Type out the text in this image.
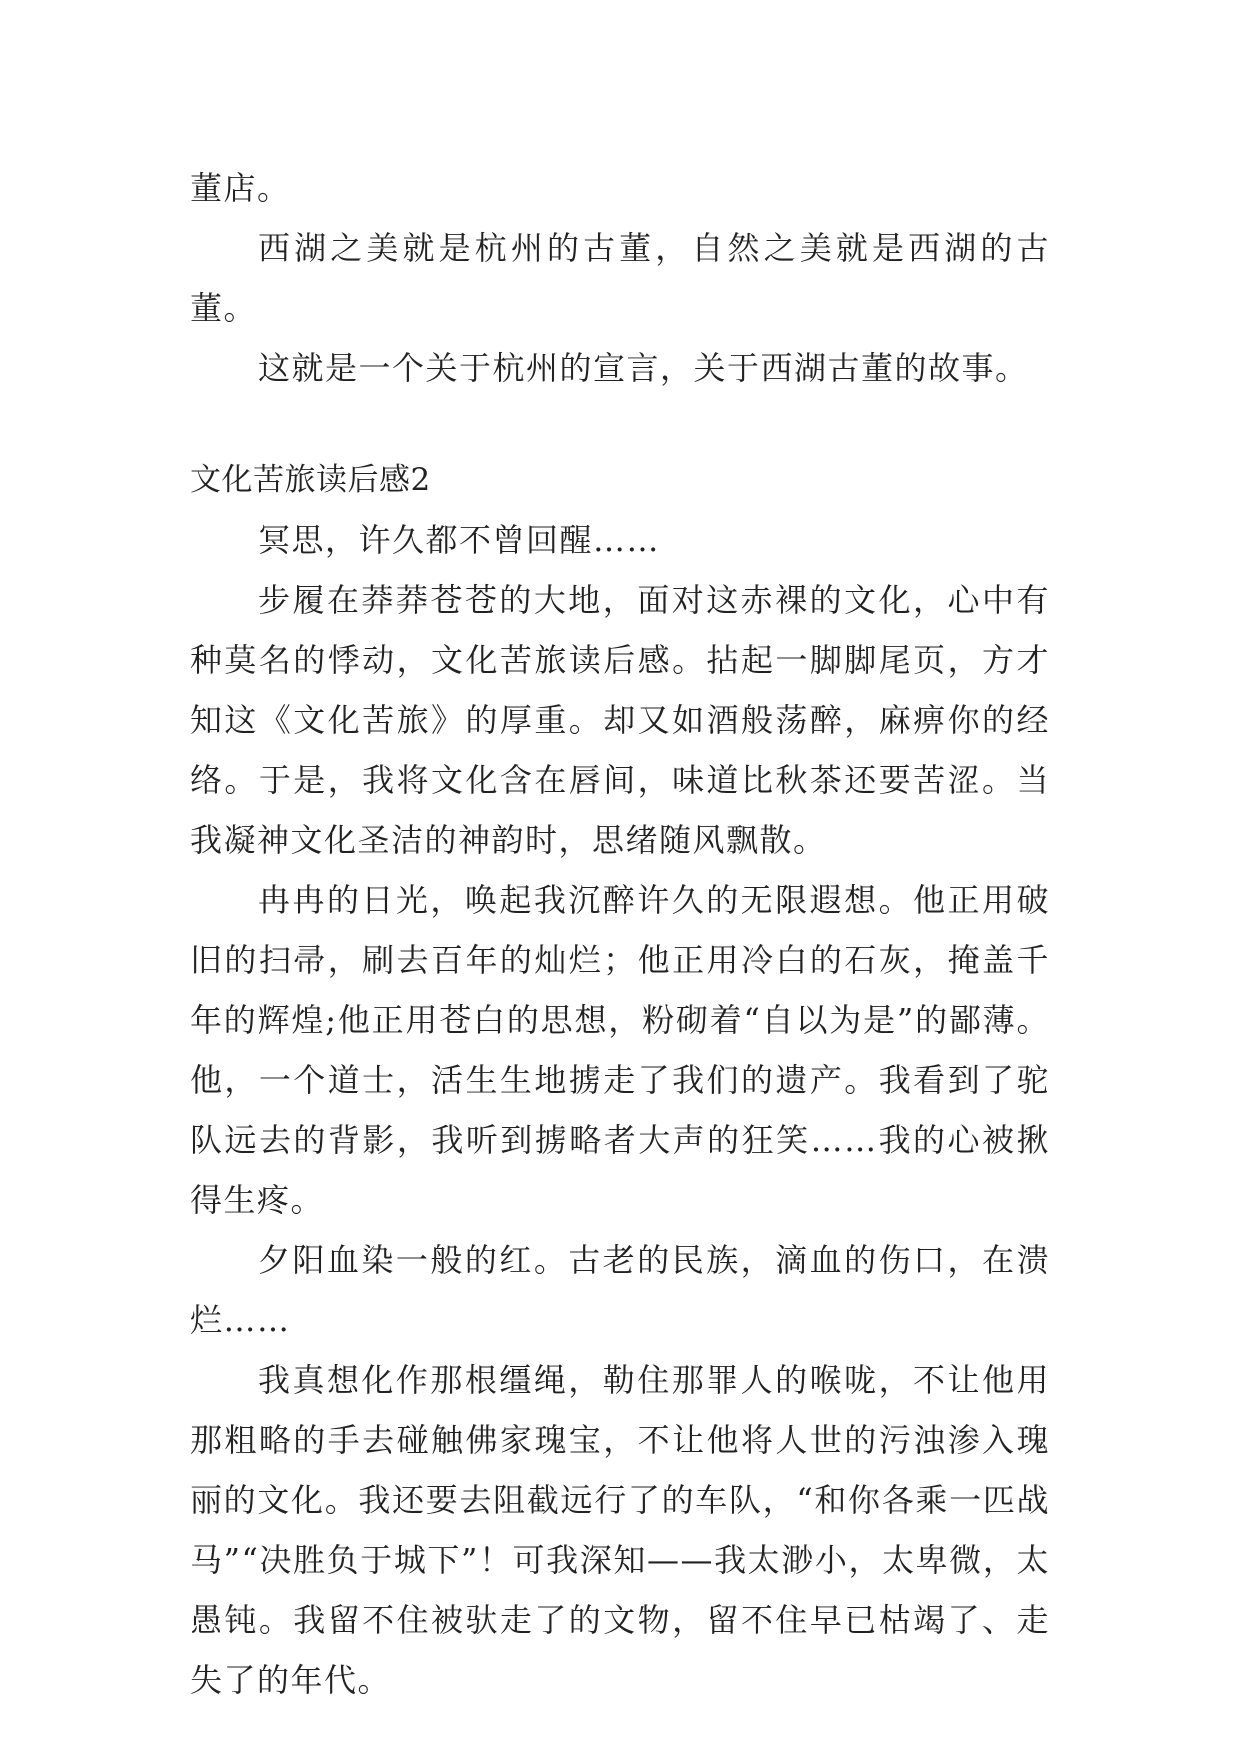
董店。

西湖之美就是杭州的古董，自然之美就是西湖的古董。

这就是一个关于杭州的宣言，关于西湖古董的故事。

文化苦旅读后感2

冥思，许久都不曾回醒……

步履在莽莽苍苍的大地，面对这赤裸的文化，心中有种莫名的悸动，文化苦旅读后感。拈起一脚脚尾页，方才知这《文化苦旅》的厚重。却又如酒般荡醉，麻痹你的经络。于是，我将文化含在唇间，味道比秋茶还要苦涩。当我凝神文化圣洁的神韵时，思绪随风飘散。

冉冉的日光，唤起我沉醉许久的无限遐想。他正用破旧的扫帚，刷去百年的灿烂；他正用冷白的石灰，掩盖千年的辉煌;他正用苍白的思想，粉砌着“自以为是”的鄙薄。他，一个道士，活生生地掳走了我们的遗产。我看到了驼队远去的背影，我听到掳略者大声的狂笑……我的心被揪得生疼。

夕阳血染一般的红。古老的民族，滴血的伤口，在溃烂……

我真想化作那根缰绳，勒住那罪人的喉咙，不让他用那粗略的手去碰触佛家瑰宝，不让他将人世的污浊渗入瑰丽的文化。我还要去阻截远行了的车队，“和你各乘一匹战马”“决胜负于城下”！可我深知——我太渺小，太卑微，太愚钝。我留不住被驮走了的文物，留不住早已枯竭了、走失了的年代。
